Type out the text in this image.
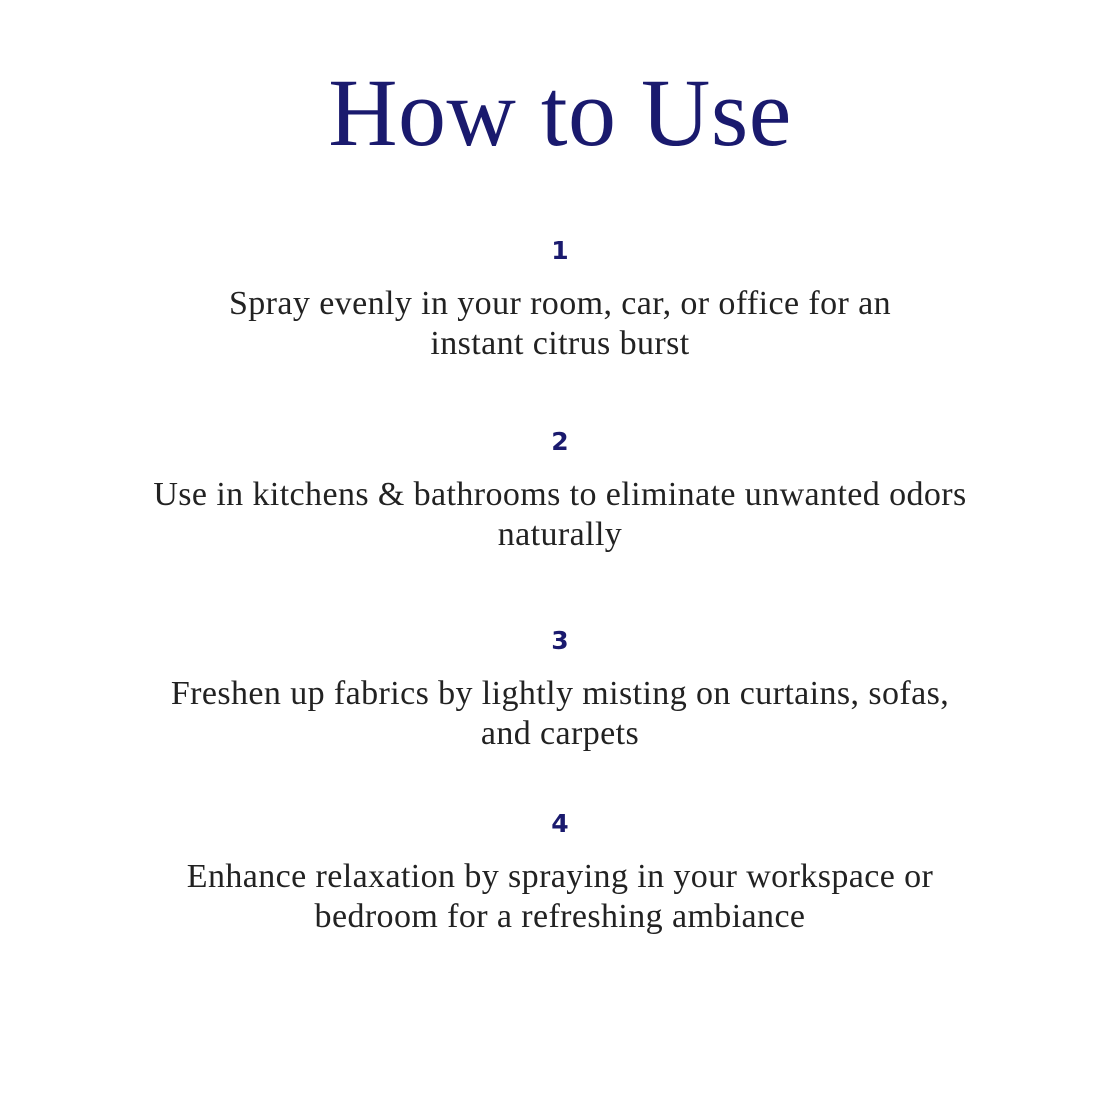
How to Use
1
Spray evenly in your room, car, or office for an instant citrus burst
2
Use in kitchens & bathrooms to eliminate unwanted odors naturally
3
Freshen up fabrics by lightly misting on curtains, sofas, and carpets
4
Enhance relaxation by spraying in your workspace or bedroom for a refreshing ambiance
